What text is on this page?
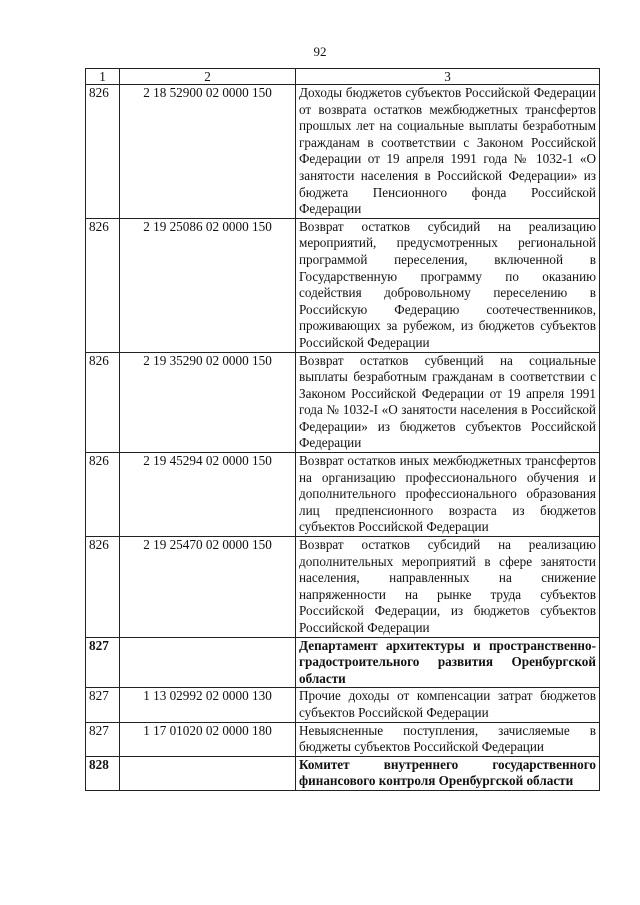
92
1	2	3
826	2 18 52900 02 0000 150	Доходы бюджетов субъектов Российской Федерации от возврата остатков межбюджетных трансфертов прошлых лет на социальные выплаты безработным гражданам в соответствии с Законом Российской Федерации от 19 апреля 1991 года № 1032-1 «О занятости населения в Российской Федерации» из бюджета Пенсионного фонда Российской Федерации
826	2 19 25086 02 0000 150	Возврат остатков субсидий на реализацию мероприятий, предусмотренных региональной программой переселения, включенной в Государственную программу по оказанию содействия добровольному переселению в Российскую Федерацию соотечественников, проживающих за рубежом, из бюджетов субъектов Российской Федерации
826	2 19 35290 02 0000 150	Возврат остатков субвенций на социальные выплаты безработным гражданам в соответствии с Законом Российской Федерации от 19 апреля 1991 года № 1032-I «О занятости населения в Российской Федерации» из бюджетов субъектов Российской Федерации
826	2 19 45294 02 0000 150	Возврат остатков иных межбюджетных трансфертов на организацию профессионального обучения и дополнительного профессионального образования лиц предпенсионного возраста из бюджетов субъектов Российской Федерации
826	2 19 25470 02 0000 150	Возврат остатков субсидий на реализацию дополнительных мероприятий в сфере занятости населения, направленных на снижение напряженности на рынке труда субъектов Российской Федерации, из бюджетов субъектов Российской Федерации
827		Департамент архитектуры и пространственно-градостроительного развития Оренбургской области
827	1 13 02992 02 0000 130	Прочие доходы от компенсации затрат бюджетов субъектов Российской Федерации
827	1 17 01020 02 0000 180	Невыясненные поступления, зачисляемые в бюджеты субъектов Российской Федерации
828		Комитет внутреннего государственного финансового контроля Оренбургской области
